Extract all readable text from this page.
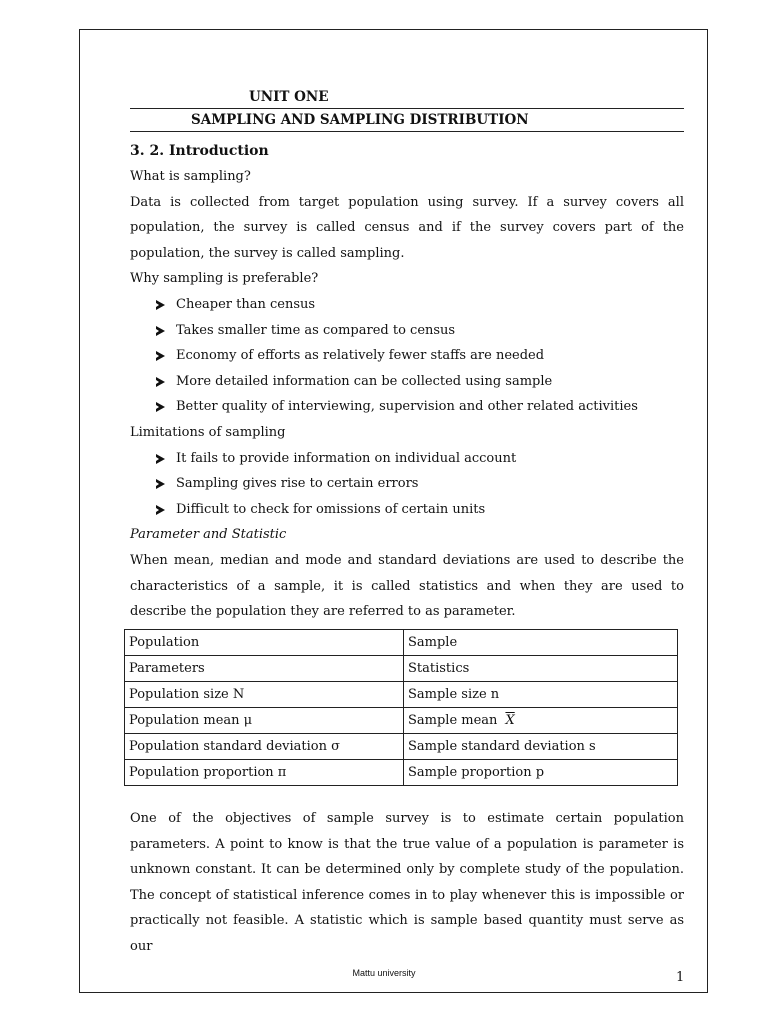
UNIT ONE
SAMPLING AND SAMPLING DISTRIBUTION
3. 2. Introduction
What is sampling?
Data is collected from target population using survey. If a survey covers all population, the survey is called census and if the survey covers part of the population, the survey is called sampling.
Why sampling is preferable?
Cheaper than census
Takes smaller time as compared to census
Economy of efforts as relatively fewer staffs are needed
More detailed information can be collected using sample
Better quality of interviewing, supervision and other related activities
Limitations of sampling
It fails to provide information on individual account
Sampling gives rise to certain errors
Difficult to check for omissions of certain units
Parameter and Statistic
When mean, median and mode and standard deviations are used to describe the characteristics of a sample, it is called statistics and when they are used to describe the population they are referred to as parameter.
Population	Sample
Parameters	Statistics
Population size N	Sample size n
Population mean μ	Sample mean $\overline{X}$
Population standard deviation σ	Sample standard deviation s
Population proportion π	Sample proportion p
One of the objectives of sample survey is to estimate certain population parameters. A point to know is that the true value of a population is parameter is unknown constant. It can be determined only by complete study of the population. The concept of statistical inference comes in to play whenever this is impossible or practically not feasible. A statistic which is sample based quantity must serve as our
Mattu university	1
